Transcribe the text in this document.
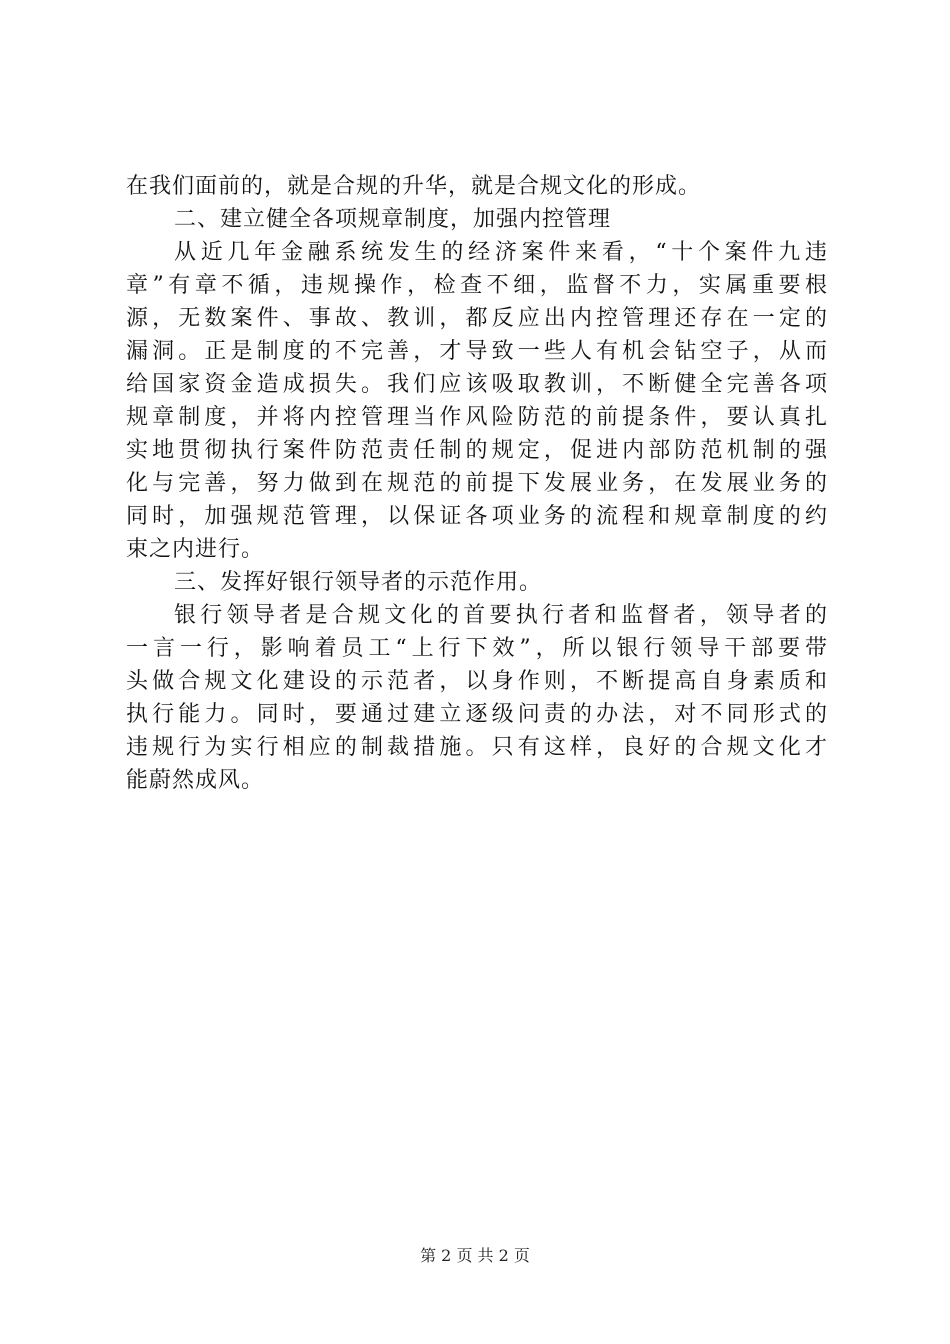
在我们面前的，就是合规的升华，就是合规文化的形成。
二、建立健全各项规章制度，加强内控管理
从近几年金融系统发生的经济案件来看，“十个案件九违
章”有章不循，违规操作，检查不细，监督不力，实属重要根
源，无数案件、事故、教训，都反应出内控管理还存在一定的
漏洞。正是制度的不完善，才导致一些人有机会钻空子，从而
给国家资金造成损失。我们应该吸取教训，不断健全完善各项
规章制度，并将内控管理当作风险防范的前提条件，要认真扎
实地贯彻执行案件防范责任制的规定，促进内部防范机制的强
化与完善，努力做到在规范的前提下发展业务，在发展业务的
同时，加强规范管理，以保证各项业务的流程和规章制度的约
束之内进行。
三、发挥好银行领导者的示范作用。
银行领导者是合规文化的首要执行者和监督者，领导者的
一言一行，影响着员工“上行下效”，所以银行领导干部要带
头做合规文化建设的示范者，以身作则，不断提高自身素质和
执行能力。同时，要通过建立逐级问责的办法，对不同形式的
违规行为实行相应的制裁措施。只有这样，良好的合规文化才
能蔚然成风。
第 2 页 共 2 页
